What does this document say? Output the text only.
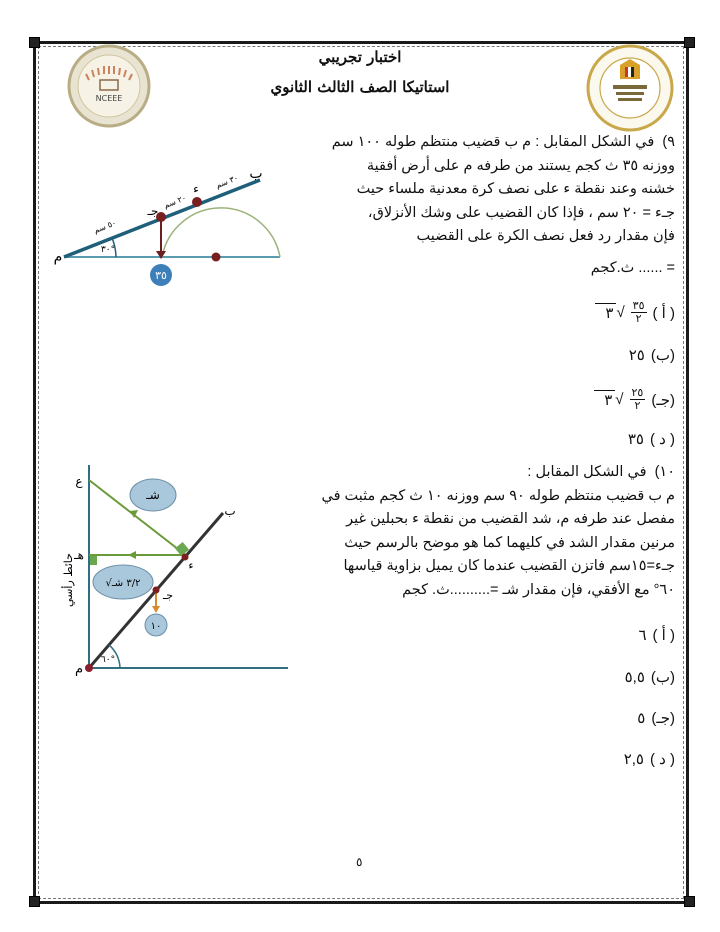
NCEEE
اختبار تجريبي
استاتيكا الصف الثالث الثانوي

٩)  في الشكل المقابل : م ب قضيب منتظم طوله ١٠٠ سم

ووزنه ٣٥ ث كجم يستند من طرفه م على أرض أفقية

خشنه وعند نقطة ء على نصف كرة معدنية ملساء حيث

جـء = ٢٠ سم ، فإذا كان القضيب على وشك الأنزلاق،

فإن مقدار رد فعل نصف الكرة على القضيب

= ...... ث.كجم

( أ )
$\frac{٣٥}{٢}$
√
٣
(ب)
٢٥
(جـ)
$\frac{٢٥}{٢}$
√
٣
( د )
٣٥
٣٥
م
ب
جـ
ء
٣٠°
٥٠ سم
٢٠ سم
٣٠ سم

١٠)  في الشكل المقابل :

م ب قضيب منتظم طوله ٩٠ سم ووزنه ١٠ ث كجم مثبت في

مفصل عند طرفه م، شد القضيب من نقطة ء بحبلين غير

مرنين مقدار الشد في كليهما كما هو موضح بالرسم حيث

جـء=١٥سم فاتزن القضيب عندما كان يميل بزاوية قياسها

٦٠° مع الأفقي، فإن مقدار شـ =..........ث. كجم

( أ )
٦
(ب)
٥,٥
(جـ)
٥
( د )
٢,٥
شـ
√٣/٢ شـ
١٠
م
ب
جـ
ء
هـ
ع
٦٠°
حائط رأسي
٥
